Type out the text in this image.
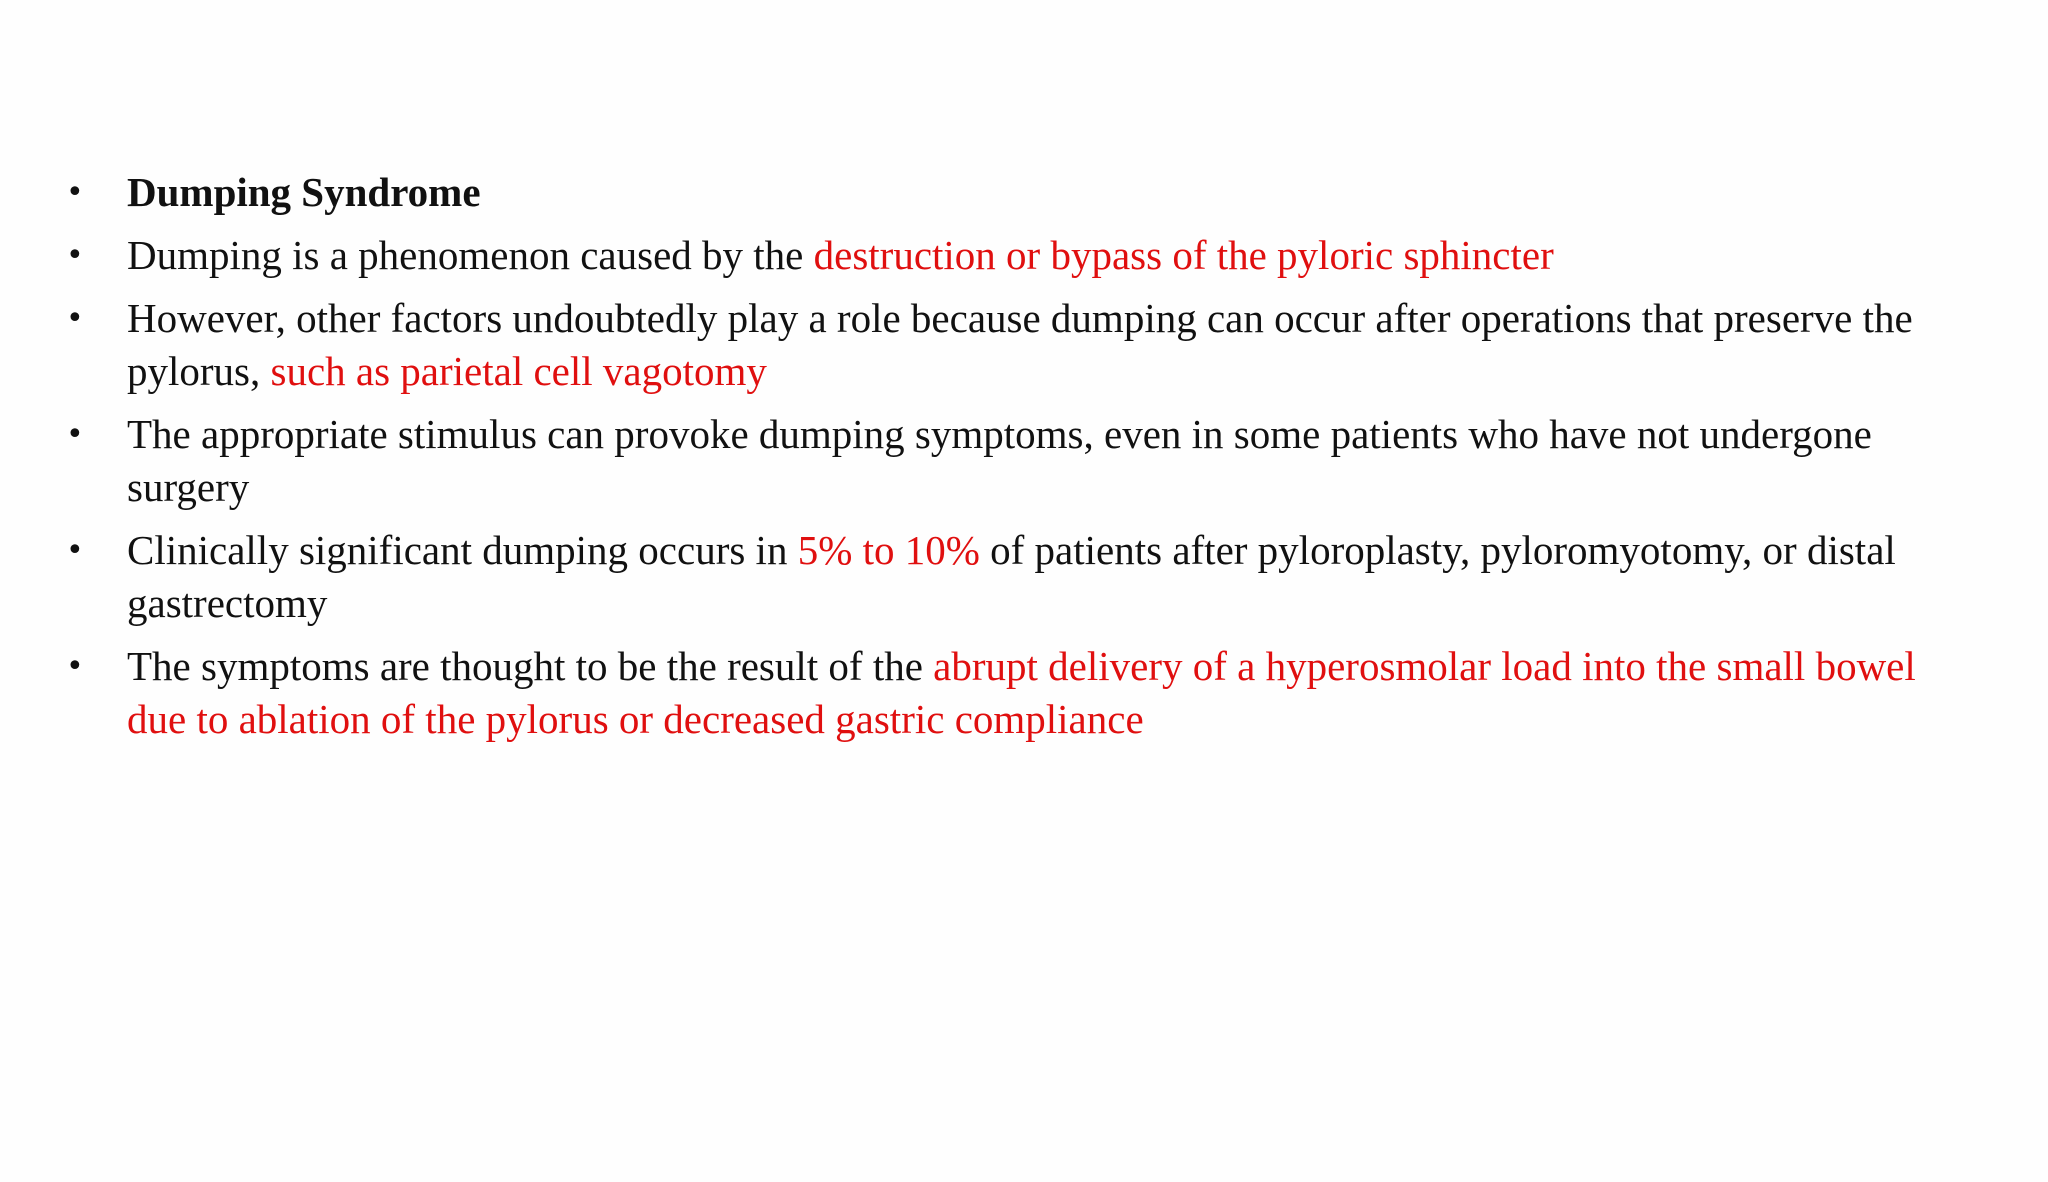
• Dumping Syndrome
• Dumping is a phenomenon caused by the destruction or bypass of the pyloric sphincter
• However, other factors undoubtedly play a role because dumping can occur after operations that preserve the pylorus, such as parietal cell vagotomy
• The appropriate stimulus can provoke dumping symptoms, even in some patients who have not undergone surgery
• Clinically significant dumping occurs in 5% to 10% of patients after pyloroplasty, pyloromyotomy, or distal gastrectomy
• The symptoms are thought to be the result of the abrupt delivery of a hyperosmolar load into the small bowel due to ablation of the pylorus or decreased gastric compliance
